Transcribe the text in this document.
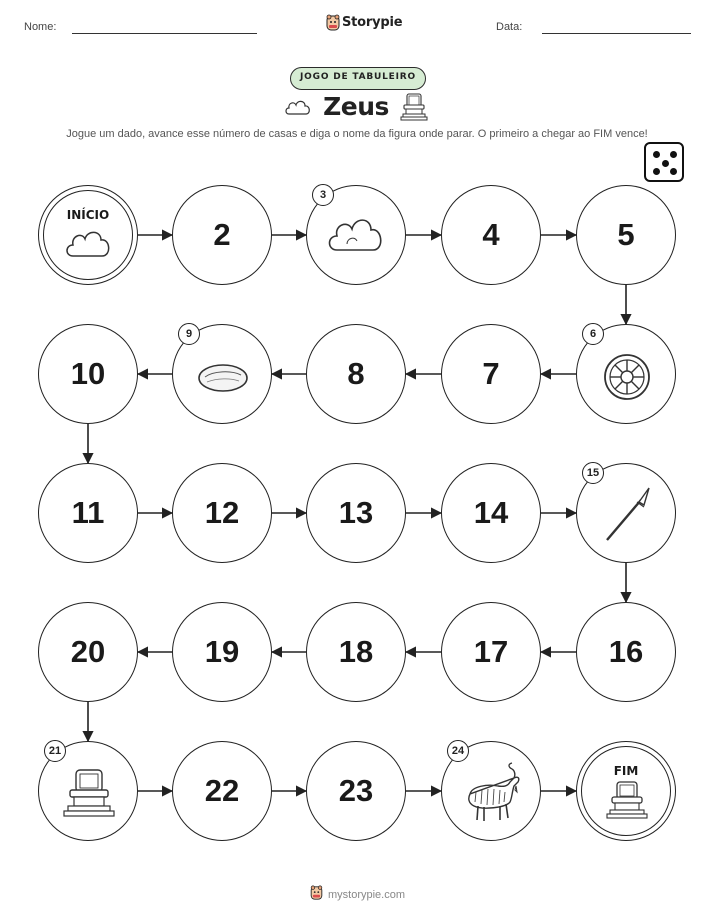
Nome:	Storypie	Data:
JOGO DE TABULEIRO
Zeus
Jogue um dado, avance esse número de casas e diga o nome da figura onde parar. O primeiro a chegar ao FIM vence!
INÍCIO
2
3
4	5
6
7
8
9
10
11	12	13	14
15
16
17
18
19
20
21
22	23
24
FIM
mystorypie.com
